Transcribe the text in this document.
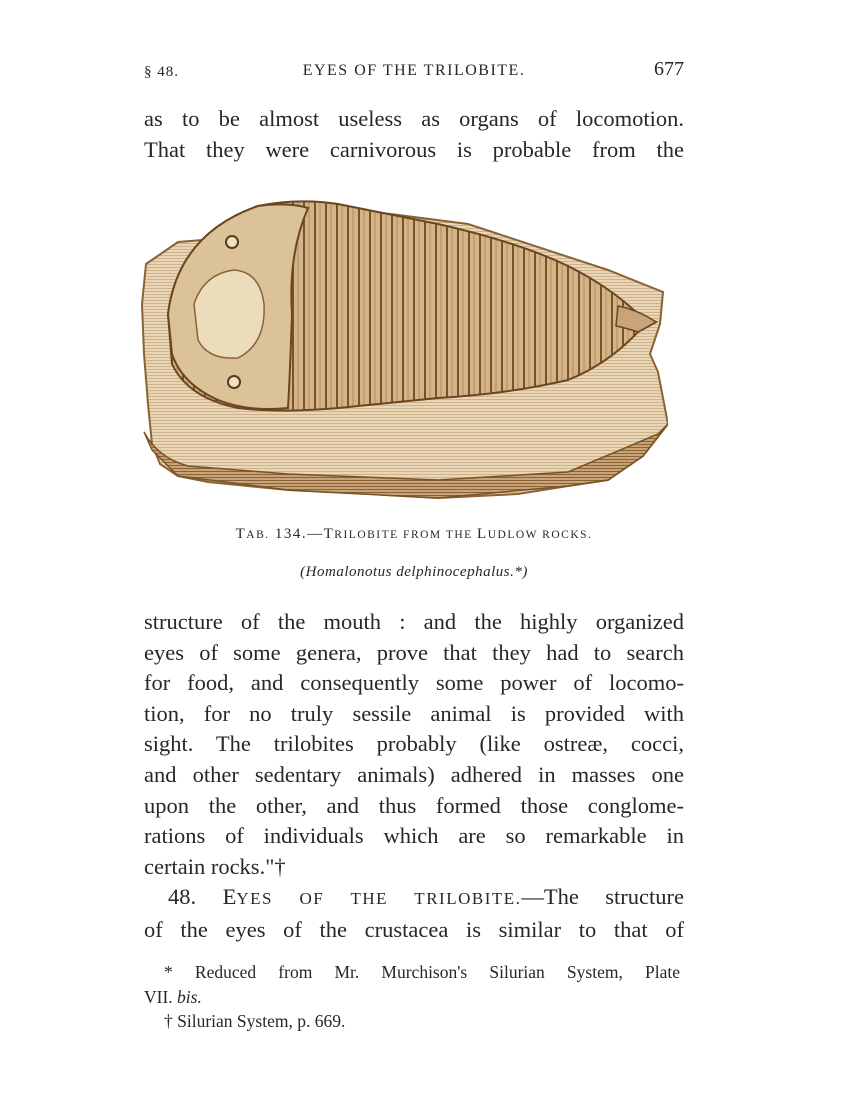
§ 48.	EYES OF THE TRILOBITE.	677

as to be almost useless as organs of locomotion.

That they were carnivorous is probable from the

TAB. 134.—TRILOBITE FROM THE LUDLOW ROCKS.
(Homalonotus delphinocephalus.*)

structure of the mouth : and the highly organized

eyes of some genera, prove that they had to search

for food, and consequently some power of locomo-

tion, for no truly sessile animal is provided with

sight. The trilobites probably (like ostreæ, cocci,

and other sedentary animals) adhered in masses one

upon the other, and thus formed those conglome-

rations of individuals which are so remarkable in

certain rocks."†

48. EYES OF THE TRILOBITE.—The structure

of the eyes of the crustacea is similar to that of

* Reduced from Mr. Murchison's Silurian System, Plate

VII. bis.

† Silurian System, p. 669.
